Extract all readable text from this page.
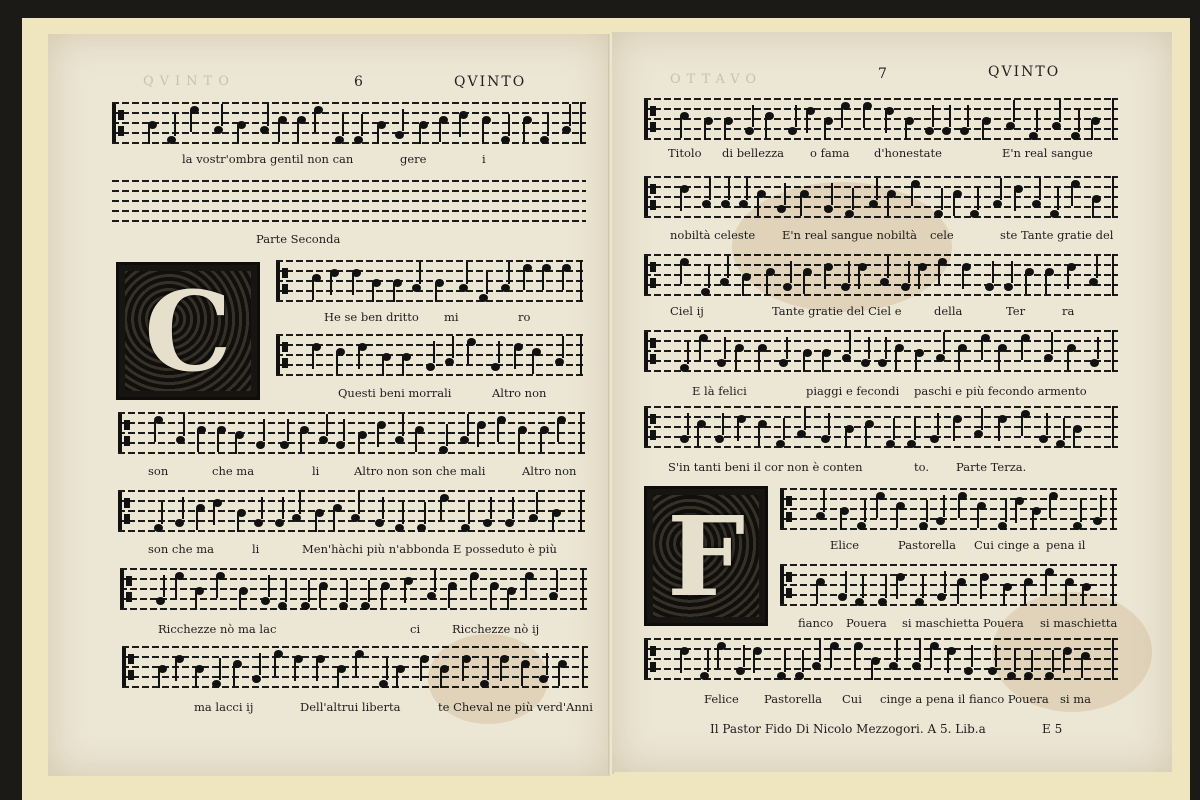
QVINTO	6	QVINTO
la vostr'ombra gentil non can	gere	i
Parte Seconda
C	He se ben dritto mi	ro
Questi beni morrali	Altro non
son	che ma	li	Altro non son che mali	Altro non
son che ma	li	Men'hàchi più n'abbonda E posseduto è più
Ricchezze nò ma lac	ci	Ricchezze nò ij
ma lacci ij	Dell'altrui liberta	te Cheval ne più verd'Anni
OTTAVO	7	QVINTO
Titolo di bellezza o fama d'honestate	E'n real sangue
nobiltà celeste E'n real sangue nobiltà cele	ste Tante gratie del
Ciel ij	Tante gratie del Ciel e	della	Ter	ra
E là felici	piaggi e fecondi paschi e più fecondo armento
S'in tanti beni il cor non è conten	to. Parte Terza.
F	Elice	Pastorella Cui cinge a pena il
fianco Pouera si maschietta Pouera si maschietta
Felice Pastorella Cui cinge a pena il fianco Pouera si ma
Il Pastor Fido Di Nicolo Mezzogori. A 5. Lib.a	E 5
